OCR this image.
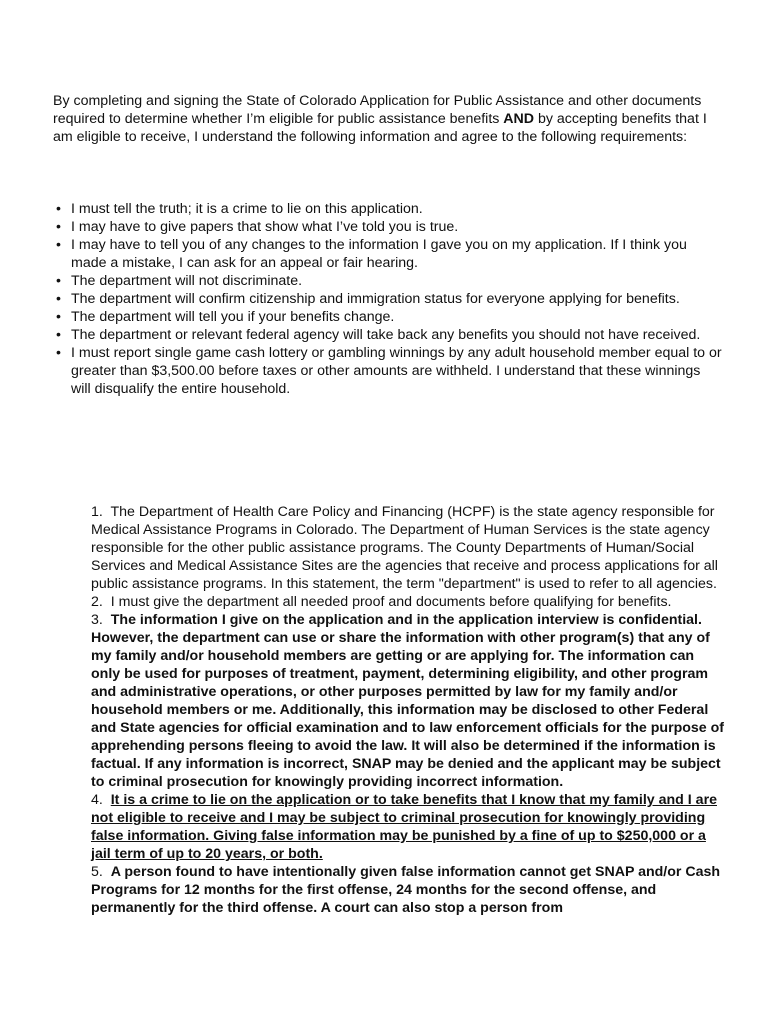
By completing and signing the State of Colorado Application for Public Assistance and other documents required to determine whether I’m eligible for public assistance benefits AND by accepting benefits that I am eligible to receive, I understand the following information and agree to the following requirements:

• I must tell the truth; it is a crime to lie on this application.
• I may have to give papers that show what I’ve told you is true.
• I may have to tell you of any changes to the information I gave you on my application. If I think you made a mistake, I can ask for an appeal or fair hearing.
• The department will not discriminate.
• The department will confirm citizenship and immigration status for everyone applying for benefits.
• The department will tell you if your benefits change.
• The department or relevant federal agency will take back any benefits you should not have received.
• I must report single game cash lottery or gambling winnings by any adult household member equal to or greater than $3,500.00 before taxes or other amounts are withheld. I understand that these winnings will disqualify the entire household.

1. The Department of Health Care Policy and Financing (HCPF) is the state agency responsible for Medical Assistance Programs in Colorado. The Department of Human Services is the state agency responsible for the other public assistance programs. The County Departments of Human/Social Services and Medical Assistance Sites are the agencies that receive and process applications for all public assistance programs. In this statement, the term "department" is used to refer to all agencies.

2. I must give the department all needed proof and documents before qualifying for benefits.

3. The information I give on the application and in the application interview is confidential. However, the department can use or share the information with other program(s) that any of my family and/or household members are getting or are applying for. The information can only be used for purposes of treatment, payment, determining eligibility, and other program and administrative operations, or other purposes permitted by law for my family and/or household members or me. Additionally, this information may be disclosed to other Federal and State agencies for official examination and to law enforcement officials for the purpose of apprehending persons fleeing to avoid the law. It will also be determined if the information is factual. If any information is incorrect, SNAP may be denied and the applicant may be subject to criminal prosecution for knowingly providing incorrect information.

4. It is a crime to lie on the application or to take benefits that I know that my family and I are not eligible to receive and I may be subject to criminal prosecution for knowingly providing false information. Giving false information may be punished by a fine of up to $250,000 or a jail term of up to 20 years, or both.

5. A person found to have intentionally given false information cannot get SNAP and/or Cash Programs for 12 months for the first offense, 24 months for the second offense, and permanently for the third offense. A court can also stop a person from
